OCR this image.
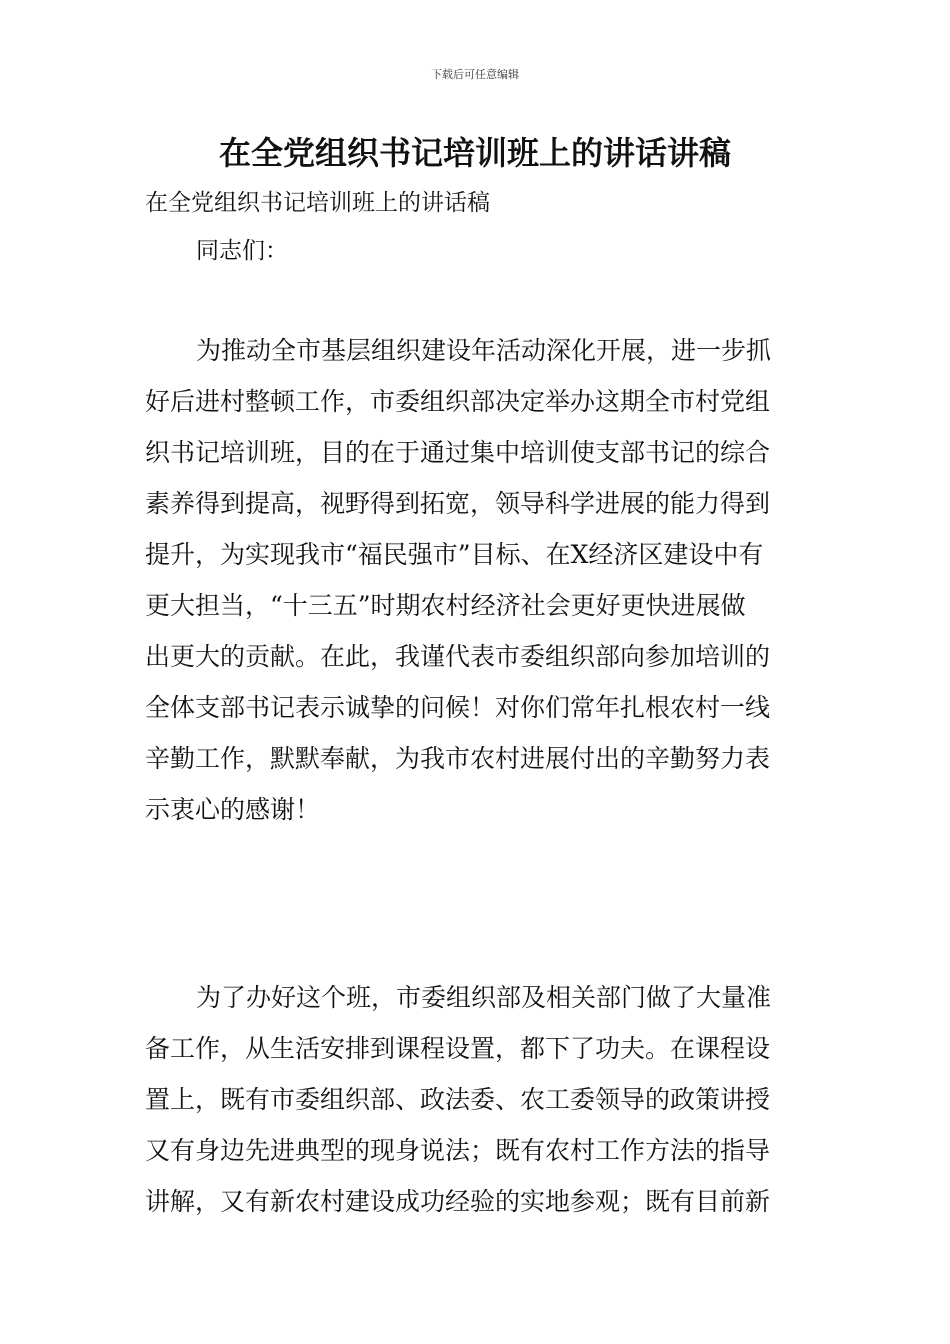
下载后可任意编辑
在全党组织书记培训班上的讲话讲稿
在全党组织书记培训班上的讲话稿
同志们：
为推动全市基层组织建设年活动深化开展，进一步抓
好后进村整顿工作，市委组织部决定举办这期全市村党组
织书记培训班，目的在于通过集中培训使支部书记的综合
素养得到提高，视野得到拓宽，领导科学进展的能力得到
提升，为实现我市“福民强市”目标、在X经济区建设中有
更大担当，“十三五”时期农村经济社会更好更快进展做
出更大的贡献。在此，我谨代表市委组织部向参加培训的
全体支部书记表示诚挚的问候！对你们常年扎根农村一线
辛勤工作，默默奉献，为我市农村进展付出的辛勤努力表
示衷心的感谢！
为了办好这个班，市委组织部及相关部门做了大量准
备工作，从生活安排到课程设置，都下了功夫。在课程设
置上，既有市委组织部、政法委、农工委领导的政策讲授
又有身边先进典型的现身说法；既有农村工作方法的指导
讲解，又有新农村建设成功经验的实地参观；既有目前新
